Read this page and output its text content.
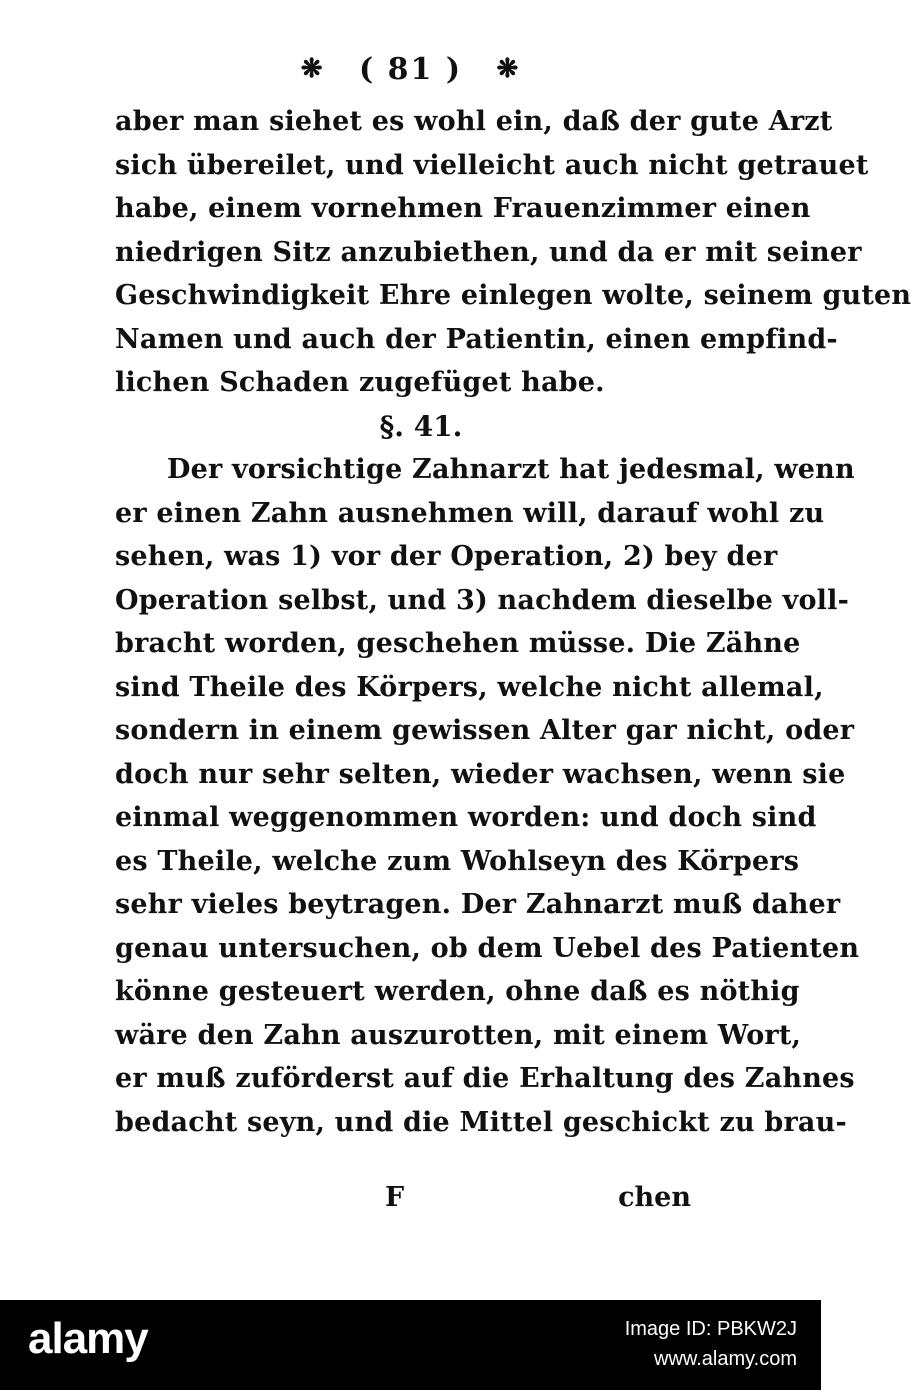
❋ ( 81 ) ❋
aber man siehet es wohl ein, daß der gute Arzt
sich übereilet, und vielleicht auch nicht getrauet
habe, einem vornehmen Frauenzimmer einen
niedrigen Sitz anzubiethen, und da er mit seiner
Geschwindigkeit Ehre einlegen wolte, seinem guten
Namen und auch der Patientin, einen empfind-
lichen Schaden zugefüget habe.
§. 41.
Der vorsichtige Zahnarzt hat jedesmal, wenn
er einen Zahn ausnehmen will, darauf wohl zu
sehen, was 1) vor der Operation, 2) bey der
Operation selbst, und 3) nachdem dieselbe voll-
bracht worden, geschehen müsse. Die Zähne
sind Theile des Körpers, welche nicht allemal,
sondern in einem gewissen Alter gar nicht, oder
doch nur sehr selten, wieder wachsen, wenn sie
einmal weggenommen worden: und doch sind
es Theile, welche zum Wohlseyn des Körpers
sehr vieles beytragen. Der Zahnarzt muß daher
genau untersuchen, ob dem Uebel des Patienten
könne gesteuert werden, ohne daß es nöthig
wäre den Zahn auszurotten, mit einem Wort,
er muß zuförderst auf die Erhaltung des Zahnes
bedacht seyn, und die Mittel geschickt zu brau-
F	chen
alamy	Image ID: PBKW2J
www.alamy.com
